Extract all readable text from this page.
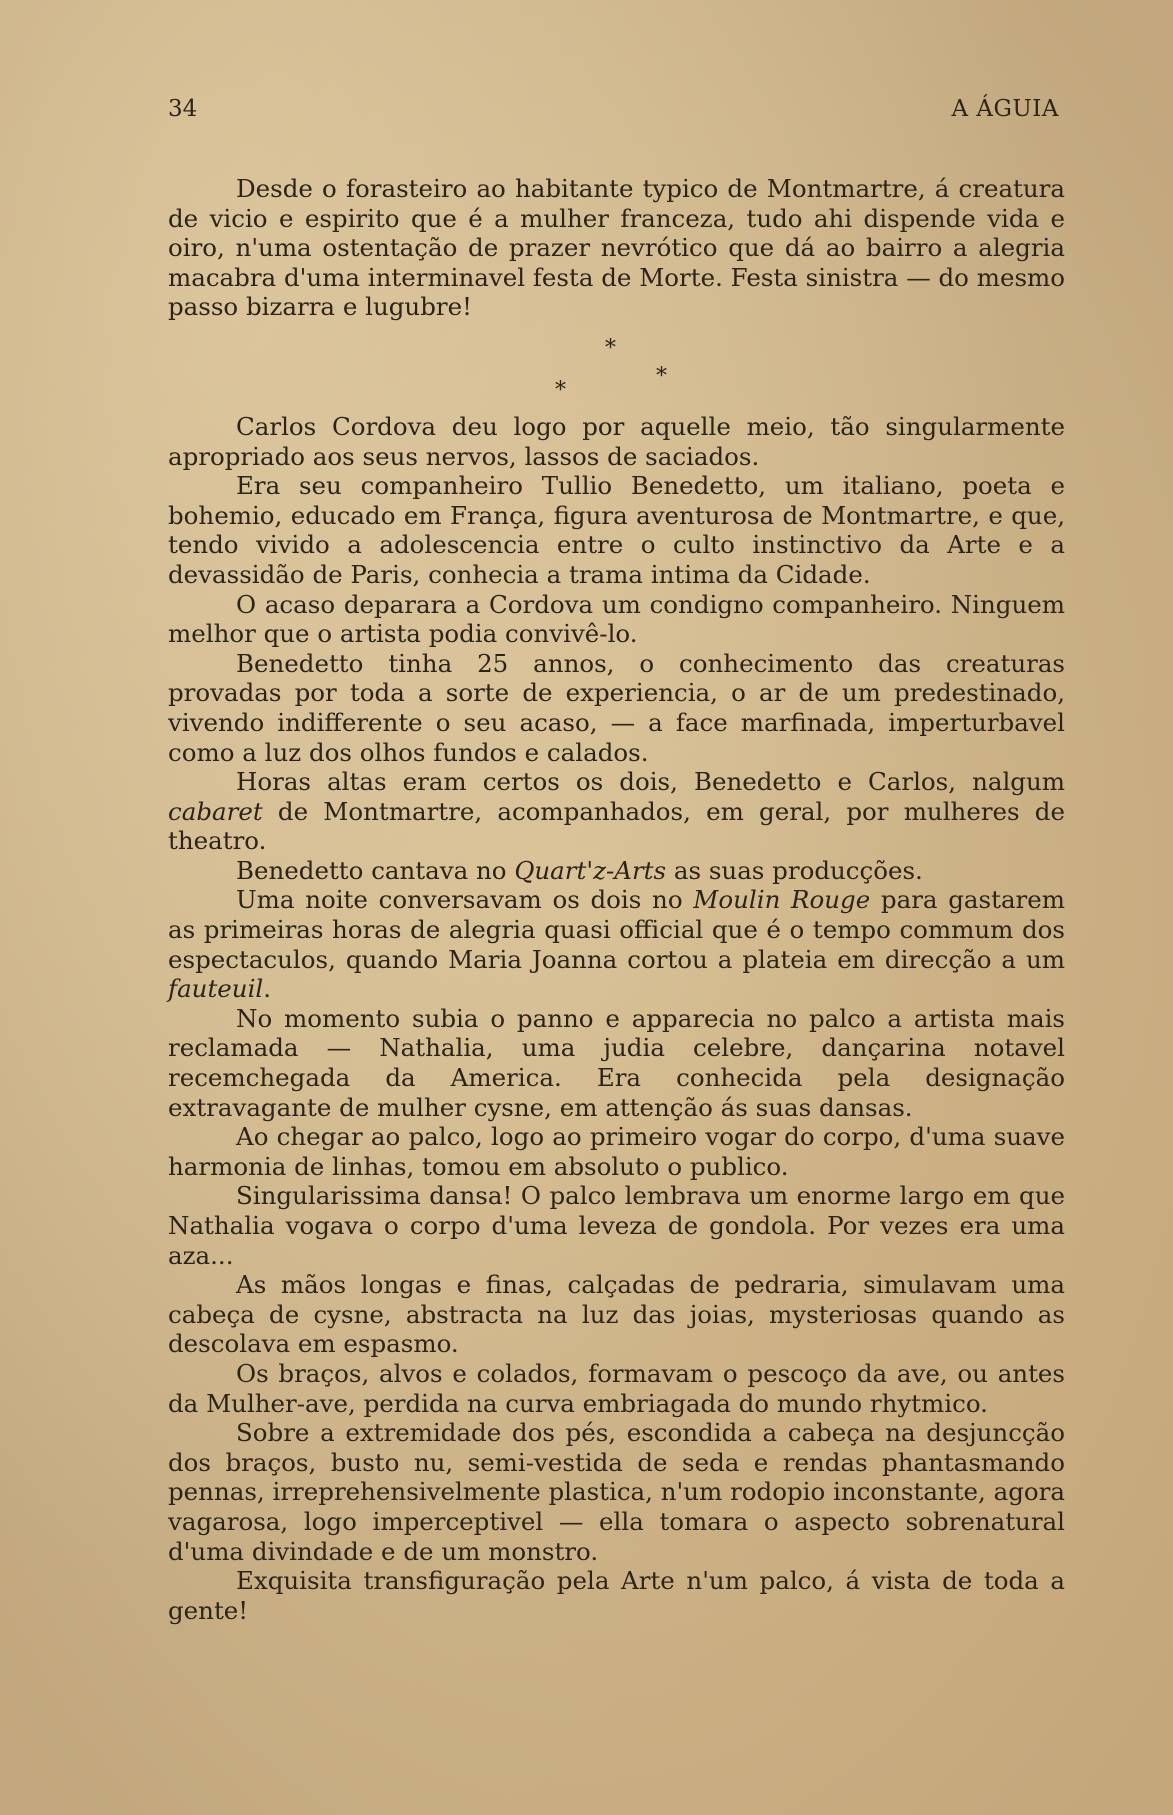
34	A ÁGUIA

Desde o forasteiro ao habitante typico de Montmartre, á creatura de vicio e espirito que é a mulher franceza, tudo ahi dispende vida e oiro, n'uma ostentação de prazer nevrótico que dá ao bairro a alegria macabra d'uma interminavel festa de Morte. Festa sinistra — do mesmo passo bizarra e lugubre!

*
*
*

Carlos Cordova deu logo por aquelle meio, tão singularmente apropriado aos seus nervos, lassos de saciados.

Era seu companheiro Tullio Benedetto, um italiano, poeta e bohemio, educado em França, figura aventurosa de Montmartre, e que, tendo vivido a adolescencia entre o culto instinctivo da Arte e a devassidão de Paris, conhecia a trama intima da Cidade.

O acaso deparara a Cordova um condigno companheiro. Ninguem melhor que o artista podia convivê-lo.

Benedetto tinha 25 annos, o conhecimento das creaturas provadas por toda a sorte de experiencia, o ar de um predestinado, vivendo indifferente o seu acaso, — a face marfinada, imperturbavel como a luz dos olhos fundos e calados.

Horas altas eram certos os dois, Benedetto e Carlos, nalgum cabaret de Montmartre, acompanhados, em geral, por mulheres de theatro.

Benedetto cantava no Quart'z-Arts as suas producções.

Uma noite conversavam os dois no Moulin Rouge para gastarem as primeiras horas de alegria quasi official que é o tempo commum dos espectaculos, quando Maria Joanna cortou a plateia em direcção a um fauteuil.

No momento subia o panno e apparecia no palco a artista mais reclamada — Nathalia, uma judia celebre, dançarina notavel recemchegada da America. Era conhecida pela designação extravagante de mulher cysne, em attenção ás suas dansas.

Ao chegar ao palco, logo ao primeiro vogar do corpo, d'uma suave harmonia de linhas, tomou em absoluto o publico.

Singularissima dansa! O palco lembrava um enorme largo em que Nathalia vogava o corpo d'uma leveza de gondola. Por vezes era uma aza...

As mãos longas e finas, calçadas de pedraria, simulavam uma cabeça de cysne, abstracta na luz das joias, mysteriosas quando as descolava em espasmo.

Os braços, alvos e colados, formavam o pescoço da ave, ou antes da Mulher-ave, perdida na curva embriagada do mundo rhytmico.

Sobre a extremidade dos pés, escondida a cabeça na desjuncção dos braços, busto nu, semi-vestida de seda e rendas phantasmando pennas, irreprehensivelmente plastica, n'um rodopio inconstante, agora vagarosa, logo imperceptivel — ella tomara o aspecto sobrenatural d'uma divindade e de um monstro.

Exquisita transfiguração pela Arte n'um palco, á vista de toda a gente!
